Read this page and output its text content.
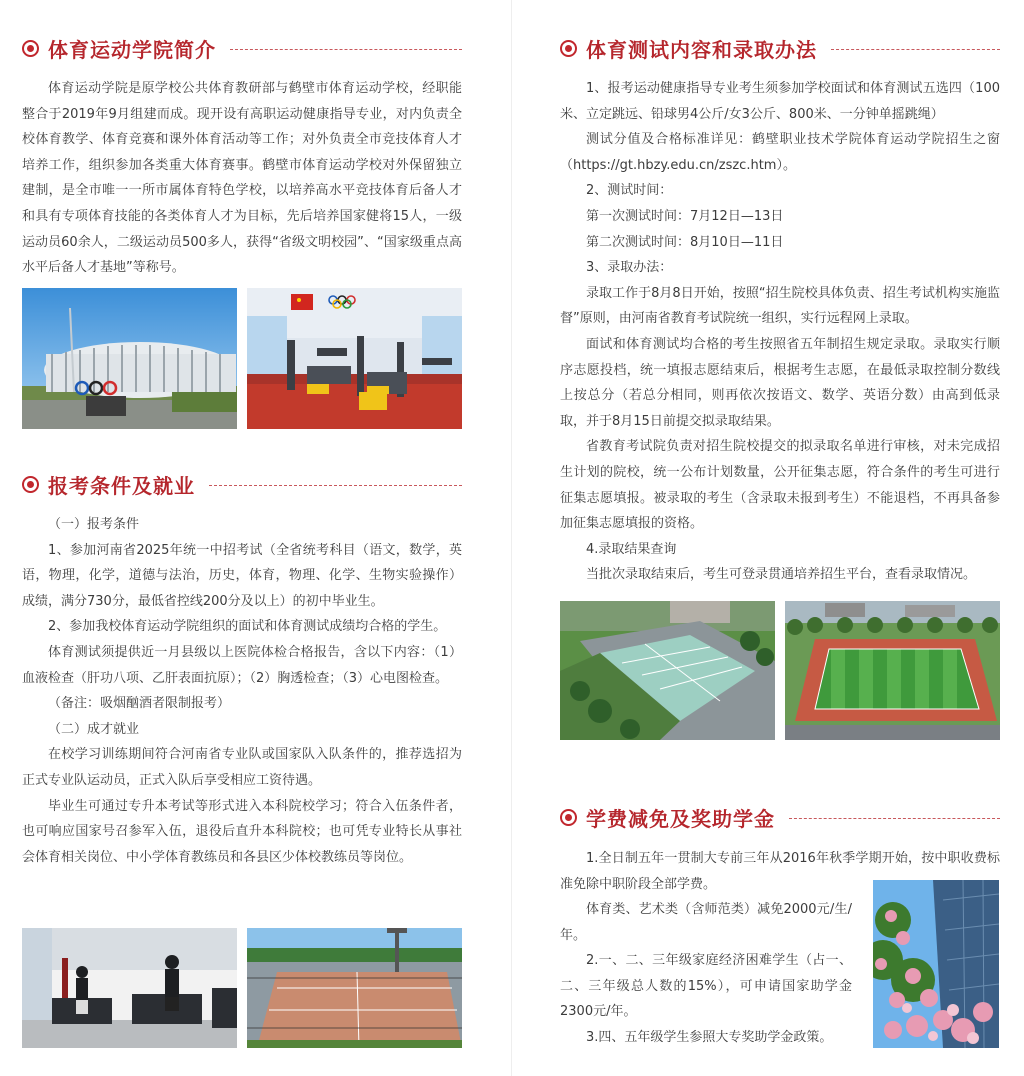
体育运动学院简介

体育运动学院是原学校公共体育教研部与鹤壁市体育运动学校，经职能整合于2019年9月组建而成。现开设有高职运动健康指导专业，对内负责全校体育教学、体育竞赛和课外体育活动等工作；对外负责全市竞技体育人才培养工作，组织参加各类重大体育赛事。鹤壁市体育运动学校对外保留独立建制，是全市唯一一所市属体育特色学校，以培养高水平竞技体育后备人才和具有专项体育技能的各类体育人才为目标，先后培养国家健将15人，一级运动员60余人，二级运动员500多人，获得“省级文明校园”、“国家级重点高水平后备人才基地”等称号。

报考条件及就业

（一）报考条件

1、参加河南省2025年统一中招考试（全省统考科目（语文，数学，英语，物理，化学，道德与法治，历史，体育，物理、化学、生物实验操作）成绩，满分730分，最低省控线200分及以上）的初中毕业生。

2、参加我校体育运动学院组织的面试和体育测试成绩均合格的学生。

体育测试须提供近一月县级以上医院体检合格报告，含以下内容：（1）血液检查（肝功八项、乙肝表面抗原）；（2）胸透检查；（3）心电图检查。

（备注：吸烟酗酒者限制报考）

（二）成才就业

在校学习训练期间符合河南省专业队或国家队入队条件的，推荐选招为正式专业队运动员，正式入队后享受相应工资待遇。

毕业生可通过专升本考试等形式进入本科院校学习；符合入伍条件者，也可响应国家号召参军入伍，退役后直升本科院校；也可凭专业特长从事社会体育相关岗位、中小学体育教练员和各县区少体校教练员等岗位。

体育测试内容和录取办法

1、报考运动健康指导专业考生须参加学校面试和体育测试五选四（100米、立定跳远、铅球男4公斤/女3公斤、800米、一分钟单摇跳绳）

测试分值及合格标准详见：鹤壁职业技术学院体育运动学院招生之窗（https://gt.hbzy.edu.cn/zszc.htm）。

2、测试时间：

第一次测试时间：7月12日—13日

第二次测试时间：8月10日—11日

3、录取办法：

录取工作于8月8日开始，按照“招生院校具体负责、招生考试机构实施监督”原则，由河南省教育考试院统一组织，实行远程网上录取。

面试和体育测试均合格的考生按照省五年制招生规定录取。录取实行顺序志愿投档，统一填报志愿结束后，根据考生志愿，在最低录取控制分数线上按总分（若总分相同，则再依次按语文、数学、英语分数）由高到低录取，并于8月15日前提交拟录取结果。

省教育考试院负责对招生院校提交的拟录取名单进行审核，对未完成招生计划的院校，统一公布计划数量，公开征集志愿，符合条件的考生可进行征集志愿填报。被录取的考生（含录取未报到考生）不能退档，不再具备参加征集志愿填报的资格。

4.录取结果查询

当批次录取结束后，考生可登录贯通培养招生平台，查看录取情况。

学费减免及奖助学金

1.全日制五年一贯制大专前三年从2016年秋季学期开始，按中职收费标准免除中职阶段全部学费。

体育类、艺术类（含师范类）减免2000元/生/年。

2.一、二、三年级家庭经济困难学生（占一、二、三年级总人数的15%），可申请国家助学金2300元/年。

3.四、五年级学生参照大专奖助学金政策。
